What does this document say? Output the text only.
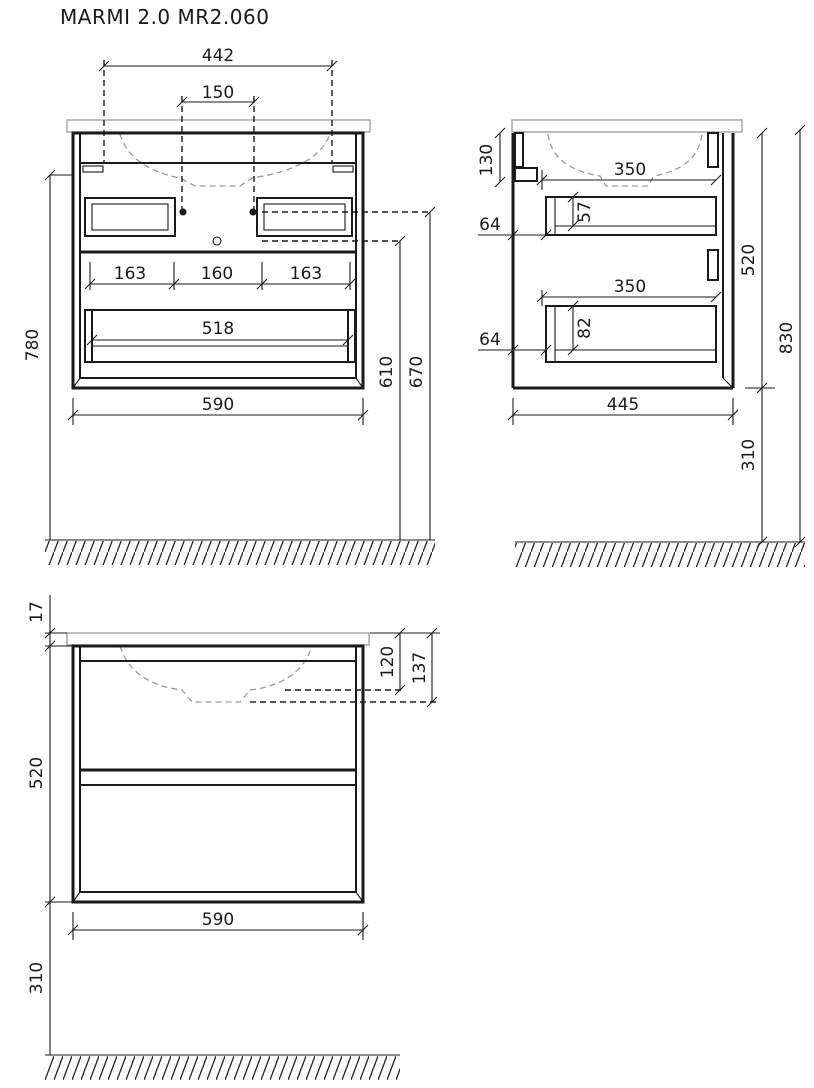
MARMI 2.0 MR2.060
442
150
780
163	160	163
518
590
610 670
130	350
57
64
520
350
82
64
445
830
310
17
520
310
120 137
590
